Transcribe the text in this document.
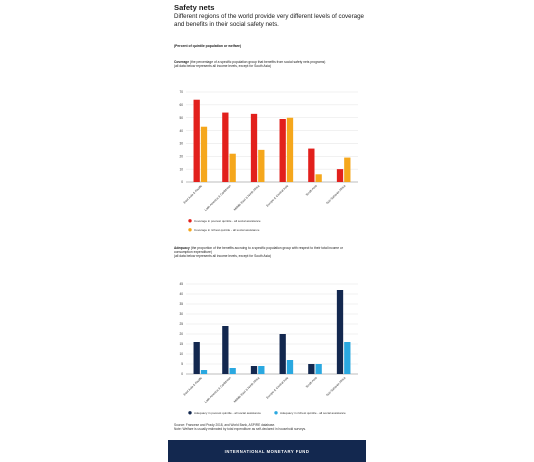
Safety nets
Different regions of the world provide very different levels of coverage and benefits in their social safety nets.
(Percent of quintile population or welfare)
Coverage (the percentage of a specific population group that benefits from social safety nets programs)
(all data below represents all income levels, except for South Asia)
0
10
20
30
40
50
60
70
East Asia & Pacific Latin America & Caribbean Middle East & North Africa Europe & Central Asia	South Asia Sub-Saharan Africa
Coverage in poorest quintile - all social assistance
Coverage in richest quintile - all social assistance
Adequacy (the proportion of the benefits accruing to a specific population group with respect to their total income or consumption expenditure)
(all data below represents all income levels, except for South Asia)
0
5
10
15
20
25
30
35
40
45
East Asia & Pacific Latin America & Caribbean Middle East & North Africa Europe & Central Asia	South Asia Sub-Saharan Africa
Adequacy in poorest quintile - all social assistance	Adequacy in richest quintile - all social assistance
Source: Francese and Prady 2018, and World Bank, ASPIRE database.
Note: Welfare is usually estimated by total expenditure as self-declared in household surveys.
INTERNATIONAL MONETARY FUND
